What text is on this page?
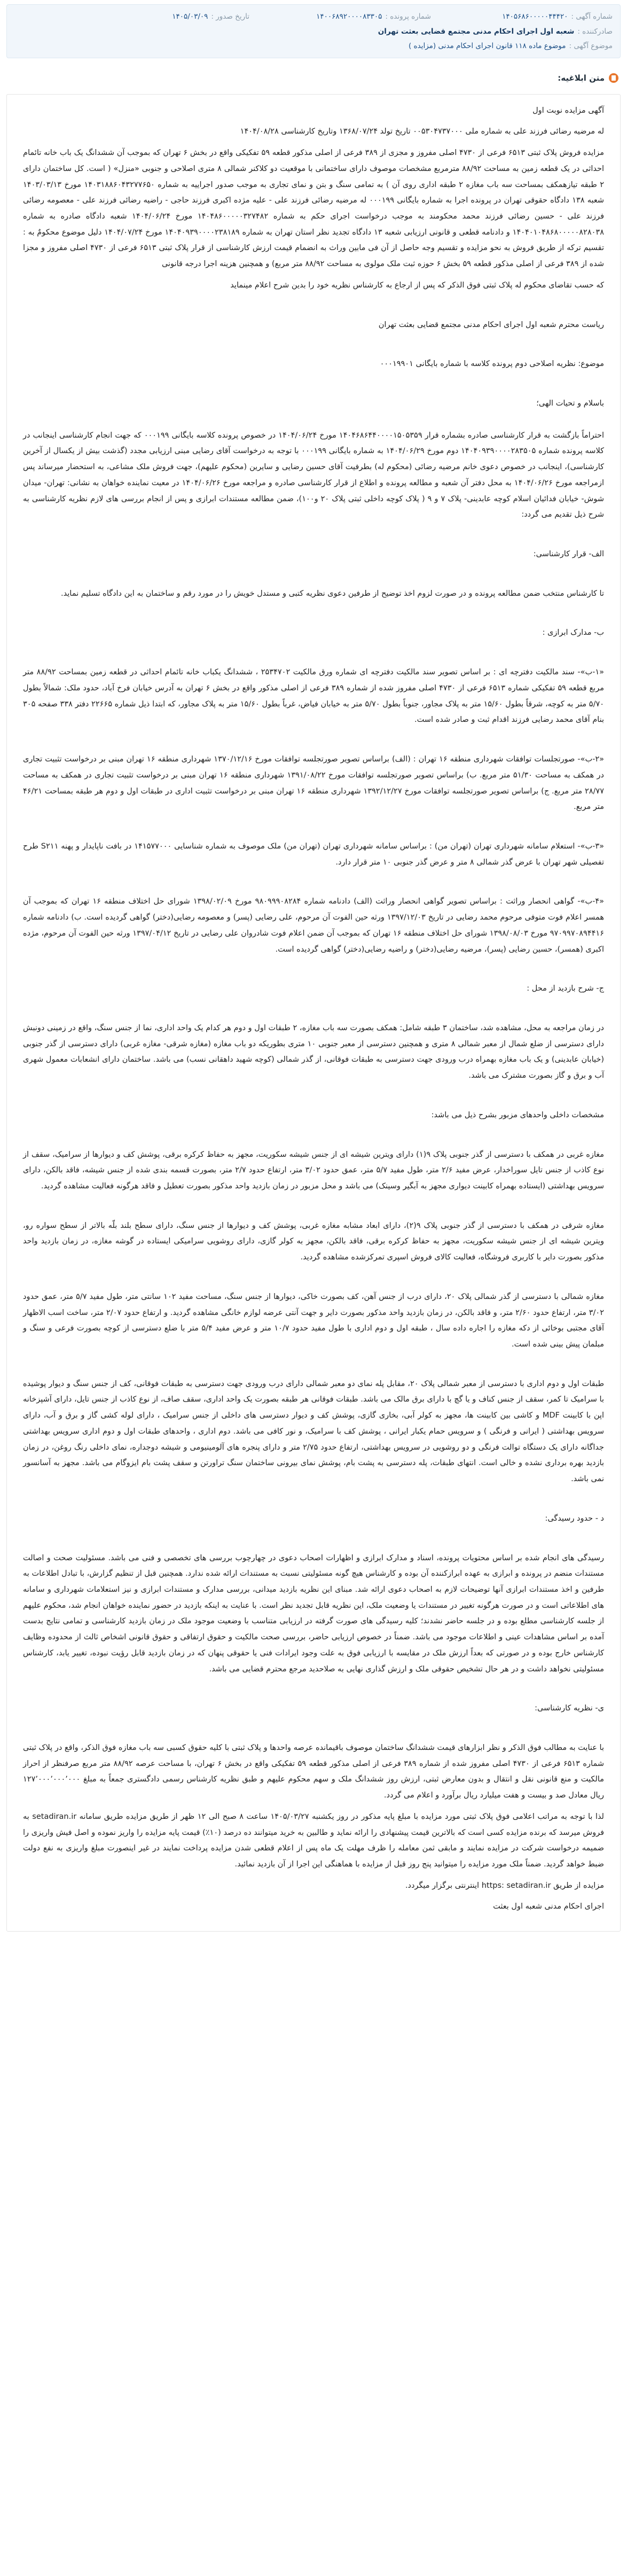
شماره آگهی :
۱۴۰۵۶۸۶۰۰۰۰۰۴۴۴۲۰
شماره پرونده :
۱۴۰۰۶۸۹۲۰۰۰۰۸۳۳۰۵
تاریخ صدور :
۱۴۰۵/۰۳/۰۹
صادرکننده :
شعبه اول اجرای احکام مدنی مجتمع قضایی بعثت تهران
موضوع آگهی :
موضوع ماده ۱۱۸ قانون اجرای احکام مدنی (مزایده )
متن ابلاغیه:

آگهی مزایده نوبت اول

له مرضیه رضائی فرزند علی به شماره ملی ۰۰۵۳۰۴۷۳۷۰۰۰ تاریخ تولد ۱۳۶۸/۰۷/۲۴ وتاریخ کارشناسی ۱۴۰۴/۰۸/۲۸

مزایده فروش پلاک ثبتی ۶۵۱۳ فرعی از ۴۷۳۰ اصلی مفروز و مجزی از ۳۸۹ فرعی از اصلی مذکور قطعه ۵۹ تفکیکی واقع در بخش ۶ تهران که بموجب آن ششدانگ یک باب خانه تائمام احداثی در یک قطعه زمین به مساحت ۸۸/۹۲ مترمربع مشخصات موصوف دارای ساختمانی با موقعیت دو کلاکنر شمالی ۸ متری اصلاحی و جنوبی «منزل» ( است. کل ساختمان دارای ۲ طبقه تیازهمکف بمساحت سه باب مغازه ۲ طبقه اداری روی آن ) به تمامی سنگ و بتن و نمای تجاری به موجب صدور اجراییه به شماره ۱۴۰۳۱۸۸۶۰۴۳۲۷۷۶۵۰ مورخ ۱۴۰۳/۰۳/۱۳ شعبه ۱۳۸ دادگاه حقوقی تهران در پرونده اجرا به شماره بایگانی ۰۰۰۱۹۹ له مرضیه رضائی فرزند علی - علیه مژده اکبری فرزند حاجی - راضیه رضائی فرزند علی - معصومه رضائی فرزند علی - حسین رضائی فرزند محمد محکومند به موجب درخواست اجرای حکم به شماره ۱۴۰۴۸۶۰۰۰۰۰۳۲۷۴۸۲ مورخ ۱۴۰۴/۰۶/۲۴ شعبه دادگاه صادره به شماره ۱۴۰۴۰۱۰۴۸۶۸۰۰۰۰۰۸۲۸۰۳۸ و دادنامه قطعی و قانونی ارزیابی شعبه ۱۳ دادگاه تجدید نظر استان تهران به شماره ۱۴۰۴۰۹۳۹۰۰۰۰۲۳۸۱۸۹ مورخ ۱۴۰۴/۰۷/۲۴ دلیل موضوع محکومٌ به : تقسیم ترکه از طریق فروش به نحو مزایده و تقسیم وجه حاصل از آن فی مابین وراث به انضمام قیمت ارزش کارشناسی از قرار پلاک ثبتی ۶۵۱۳ فرعی از ۴۷۳۰ اصلی مفروز و مجزا شده از ۳۸۹ فرعی از اصلی مذکور قطعه ۵۹ بخش ۶ حوزه ثبت ملک مولوی به مساحت ۸۸/۹۲ متر مربع) و همچنین هزینه اجرا درجه قانونی

که حسب تقاضای محکوم له پلاک ثبتی فوق الذکر که پس از ارجاع به کارشناس نظریه خود را بدین شرح اعلام مینماید

ریاست محترم شعبه اول اجرای احکام مدنی مجتمع قضایی بعثت تهران

موضوع: نظریه اصلاحی دوم پرونده کلاسه با شماره بایگانی ۰۰۰۱۹۹۰۱

باسلام و تحیات الهی؛

احتراماً بازگشت به قرار کارشناسی صادره بشماره قرار ۱۴۰۴۶۸۶۴۴۰۰۰۰۱۵۰۵۳۵۹ مورخ ۱۴۰۴/۰۶/۲۴ در خصوص پرونده کلاسه بایگانی ۰۰۰۱۹۹ که جهت انجام کارشناسی اینجانب در کلاسه پرونده شماره ۱۴۰۴۰۹۳۹۰۰۰۰۲۸۳۵۰۵ دوم مورخ ۱۴۰۴/۰۶/۲۹ به شماره بایگانی ۰۰۰۱۹۹ با توجه به درخواست آقای رضایی مبنی ارزیابی مجدد (گذشت بیش از یکسال از آخرین کارشناسی)، اینجانب در خصوص دعوی خانم مرضیه رضائی (محکوم له) بطرفیت آقای حسین رضایی و سایرین (محکوم علیهم)، جهت فروش ملک مشاعی، به استحضار میرساند پس ازمراجعه مورخ ۱۴۰۴/۰۶/۲۶ به محل دفتر آن شعبه و مطالعه پرونده و اطلاع از قرار کارشناسی صادره و مراجعه مورخ ۱۴۰۴/۰۶/۲۶ در معیت نماینده خواهان به نشانی: تهران- میدان شوش- خیابان فدائیان اسلام کوچه عابدینی- پلاک ۷ و ۹ ( پلاک کوچه داخلی ثبتی پلاک ۲۰ و۱۰۰)، ضمن مطالعه مستندات ابرازی و پس از انجام بررسی های لازم نظریه کارشناسی به شرح ذیل تقدیم می گردد:

الف- قرار کارشناسی:

تا کارشناس منتخب ضمن مطالعه پرونده و در صورت لزوم اخذ توضیح از طرفین دعوی نظریه کتبی و مستدل خویش را در مورد رقم و ساختمان به این دادگاه تسلیم نماید.

ب- مدارک ابرازی :

«۱-ب»- سند مالکیت دفترچه ای : بر اساس تصویر سند مالکیت دفترچه ای شماره ورق مالکیت ۲۵۳۴۷۰۲ ، ششدانگ یکباب خانه تائمام احداثی در قطعه زمین بمساحت ۸۸/۹۲ متر مربع قطعه ۵۹ تفکیکی شماره ۶۵۱۳ فرعی از ۴۷۳۰ اصلی مفروز شده از شماره ۳۸۹ فرعی از اصلی مذکور واقع در بخش ۶ تهران به آدرس خیابان فرخ آباد، حدود ملک: شمالاً بطول ۵/۷۰ متر به کوچه، شرقاً بطول ۱۵/۶۰ متر به پلاک مجاور، جنوباً بطول ۵/۷۰ متر به خیابان فیاض، غرباً بطول ۱۵/۶۰ متر به پلاک مجاور، که ابتدا ذیل شماره ۲۲۶۶۵ دفتر ۳۳۸ صفحه ۳۰۵ بنام آقای محمد رضایی فرزند اقدام ثبت و صادر شده است.

«۲-ب»- صورتجلسات توافقات شهرداری منطقه ۱۶ تهران : (الف) براساس تصویر صورتجلسه توافقات مورخ ۱۳۷۰/۱۲/۱۶ شهرداری منطقه ۱۶ تهران مبنی بر درخواست تثبیت تجاری در همکف به مساحت ۵۱/۳۰ متر مربع. ب) براساس تصویر صورتجلسه توافقات مورخ ۱۳۹۱/۰۸/۲۲ شهرداری منطقه ۱۶ تهران مبنی بر درخواست تثبیت تجاری در همکف به مساحت ۲۸/۷۷ متر مربع. ج) براساس تصویر صورتجلسه توافقات مورخ ۱۳۹۲/۱۲/۲۷ شهرداری منطقه ۱۶ تهران مبنی بر درخواست تثبیت اداری در طبقات اول و دوم هر طبقه بمساحت ۴۶/۲۱ متر مربع.

«۳-ب»- استعلام سامانه شهرداری تهران (تهران من) : براساس سامانه شهرداری تهران (تهران من) ملک موصوف به شماره شناسایی ۱۴۱۵۷۷۰۰۰ در بافت ناپایدار و پهنه S۲۱۱ طرح تفصیلی شهر تهران با عرض گذر شمالی ۸ متر و عرض گذر جنوبی ۱۰ متر قرار دارد.

«۴-ب»- گواهی انحصار وراثت : براساس تصویر گواهی انحصار وراثت (الف) دادنامه شماره ۹۸۰۹۹۹۰۸۲۸۴ مورخ ۱۳۹۸/۰۲/۰۹ شورای حل اختلاف منطقه ۱۶ تهران که بموجب آن همسر اعلام فوت متوفی مرحوم محمد رضایی در تاریخ ۱۳۹۷/۱۲/۰۳ ورثه حین الفوت آن مرحوم، علی رضایی (پسر) و معصومه رضایی(دختر) گواهی گردیده است. ب) دادنامه شماره ۹۷۰۹۹۷۰۸۹۴۴۱۶ مورخ ۱۳۹۸/۰۸/۰۳ شورای حل اختلاف منطقه ۱۶ تهران که بموجب آن ضمن اعلام فوت شادروان علی رضایی در تاریخ ۱۳۹۷/۰۴/۱۲ ورثه حین الفوت آن مرحوم، مژده اکبری (همسر)، حسین رضایی (پسر)، مرضیه رضایی(دختر) و راضیه رضایی(دختر) گواهی گردیده است.

ج- شرح بازدید از محل :

در زمان مراجعه به محل، مشاهده شد، ساختمان ۳ طبقه شامل: همکف بصورت سه باب مغازه، ۲ طبقات اول و دوم هر کدام یک واحد اداری، نما از جنس سنگ، واقع در زمینی دونبش دارای دسترسی از ضلع شمال از معبر شمالی ۸ متری و همچنین دسترسی از معبر جنوبی ۱۰ متری بطوریکه دو باب مغازه (مغازه شرقی- مغازه غربی) دارای دسترسی از گذر جنوبی (خیابان عابدینی) و یک باب مغازه بهمراه درب ورودی جهت دسترسی به طبقات فوقانی، از گذر شمالی (کوچه شهید داهقانی نسب) می باشد. ساختمان دارای انشعابات معمول شهری آب و برق و گاز بصورت مشترک می باشد.

مشخصات داخلی واحدهای مزبور بشرح ذیل می باشد:

مغازه غربی در همکف با دسترسی از گذر جنوبی پلاک ۹(۱) دارای ویترین شیشه ای از جنس شیشه سکوریت، مجهز به حفاظ کرکره برقی، پوشش کف و دیوارها از سرامیک، سقف از نوع کاذب از جنس تایل سوراخدار، عرض مفید ۲/۶ متر، طول مفید ۵/۷ متر، عمق حدود ۳/۰۲ متر، ارتفاع حدود ۲/۷ متر، بصورت قسمه بندی شده از جنس شیشه، فاقد بالکن، دارای سرویس بهداشتی (ایستاده بهمراه کابینت دیواری مجهز به آبگیر وسینک) می باشد و محل مزبور در زمان بازدید واحد مذکور بصورت تعطیل و فاقد هرگونه فعالیت مشاهده گردید.

مغازه شرقی در همکف با دسترسی از گذر جنوبی پلاک ۹(۲)، دارای ابعاد مشابه مغازه غربی، پوشش کف و دیوارها از جنس سنگ، دارای سطح بلند بلّه بالاتر از سطح سواره رو، ویترین شیشه ای از جنس شیشه سکوریت، مجهز به حفاظ کرکره برقی، فاقد بالکن، مجهز به کولر گازی، دارای روشویی سرامیکی ایستاده در گوشه مغازه، در زمان بازدید واحد مذکور بصورت دایر با کاربری فروشگاه، فعالیت کالای فروش اسپری تمرکزشده مشاهده گردید.

مغازه شمالی با دسترسی از گذر شمالی پلاک ۲۰، دارای درب از جنس آهن، کف بصورت خاکی، دیوارها از جنس سنگ، مساحت مفید ۱۰۲ سانتی متر، طول مفید ۵/۷ متر، عمق حدود ۳/۰۲ متر، ارتفاع حدود ۲/۶۰ متر، و فاقد بالکن، در زمان بازدید واحد مذکور بصورت دایر و جهت آنتی عرضه لوازم خانگی مشاهده گردید. و ارتفاع حدود ۲/۰۷ متر، ساخت اسب الاظهار آقای مجتبی بوخائی از دکه مغازه را اجاره داده سال ، طبقه اول و دوم اداری با طول مفید حدود ۱۰/۷ متر و عرض مفید ۵/۴ متر با ضلع دسترسی از کوچه بصورت فرعی و سنگ و مبلمان پیش بینی شده است.

طبقات اول و دوم اداری با دسترسی از معبر شمالی پلاک ۲۰، مقابل پله نمای دو معبر شمالی دارای درب ورودی جهت دسترسی به طبقات فوقانی، کف از جنس سنگ و دیوار پوشیده با سرامیک تا کمر، سقف از جنس کناف و یا گچ با دارای برق مالک می باشد. طبقات فوقانی هر طبقه بصورت یک واحد اداری، سقف صاف، از نوع کاذب از جنس تایل، دارای آشپزخانه اپن با کابینت MDF و کاشی بین کابینت ها، مجهز به کولر آبی، بخاری گازی، پوشش کف و دیوار دسترسی های داخلی از جنس سرامیک ، دارای لوله کشی گاز و برق و آب، دارای سرویس بهداشتی ( ایرانی و فرنگی ) و سرویس حمام یکبار ایرانی ، پوشش کف با سرامیک، و نور کافی می باشد. دوم اداری ، واحدهای طبقات اول و دوم اداری سرویس بهداشتی جداگانه دارای یک دستگاه توالت فرنگی و دو روشویی در سرویس بهداشتی، ارتفاع حدود ۲/۷۵ متر و دارای پنجره های آلومینیومی و شیشه دوجداره، نمای داخلی رنگ روغن، در زمان بازدید بهره برداری نشده و خالی است. انتهای طبقات، پله دسترسی به پشت بام، پوشش نمای بیرونی ساختمان سنگ تراورتن و سقف پشت بام ایزوگام می باشد. مجهز به آسانسور نمی باشد.

د - حدود رسیدگی:

رسیدگی های انجام شده بر اساس محتویات پرونده، اسناد و مدارک ابرازی و اظهارات اصحاب دعوی در چهارچوب بررسی های تخصصی و فنی می باشد. مسئولیت صحت و اصالت مستندات منضم در پرونده و ابرازی به عهده ابرازکننده آن بوده و کارشناس هیچ گونه مسئولیتی نسبت به مستندات ارائه شده ندارد. همچنین قبل از تنظیم گزارش، با تبادل اطلاعات به طرفین و اخذ مستندات ابرازی آنها توضیحات لازم به اصحاب دعوی ارائه شد. مبنای این نظریه بازدید میدانی، بررسی مدارک و مستندات ابرازی و نیز استعلامات شهرداری و سامانه های اطلاعاتی است و در صورت هرگونه تغییر در مستندات یا وضعیت ملک، این نظریه قابل تجدید نظر است. با عنایت به اینکه بازدید در حضور نماینده خواهان انجام شد، محکوم علیهم از جلسه کارشناسی مطلع بوده و در جلسه حاضر نشدند؛ کلیه رسیدگی های صورت گرفته در ارزیابی متناسب با وضعیت موجود ملک در زمان بازدید کارشناسی و تمامی نتایج بدست آمده بر اساس مشاهدات عینی و اطلاعات موجود می باشد. ضمناً در خصوص ارزیابی حاضر، بررسی صحت مالکیت و حقوق ارتفاقی و حقوق قانونی اشخاص ثالث از محدوده وظایف کارشناس خارج بوده و در صورتی که بعداً ارزش ملک در مقایسه با ارزیابی فوق به علت وجود ایرادات فنی یا حقوقی پنهان که در زمان بازدید قابل رؤیت نبوده، تغییر یابد، کارشناس مسئولیتی نخواهد داشت و در هر حال تشخیص حقوقی ملک و ارزش گذاری نهایی به صلاحدید مرجع محترم قضایی می باشد.

ی- نظریه کارشناسی:

با عنایت به مطالب فوق الذکر و نظر ابزارهای قیمت ششدانگ ساختمان موصوف باقیمانده عرصه واحدها و پلاک ثبتی با کلیه حقوق کسبی سه باب مغازه فوق الذکر، واقع در پلاک ثبتی شماره ۶۵۱۳ فرعی از ۴۷۳۰ اصلی مفروز شده از شماره ۳۸۹ فرعی از اصلی مذکور قطعه ۵۹ تفکیکی واقع در بخش ۶ تهران، با مساحت عرصه ۸۸/۹۲ متر مربع صرفنظر از احراز مالکیت و منع قانونی نقل و انتقال و بدون معارض ثبتی، ارزش روز ششدانگ ملک و سهم محکوم علیهم و طبق نظریه کارشناس رسمی دادگستری جمعاً به مبلغ ۱۲۷٬۰۰۰٬۰۰۰٬۰۰۰ ریال معادل صد و بیست و هفت میلیارد ریال برآورد و اعلام می گردد.

لذا با توجه به مراتب اعلامی فوق پلاک ثبتی مورد مزایده با مبلغ پایه مذکور در روز یکشنبه ۱۴۰۵/۰۳/۲۷ ساعت ۸ صبح الی ۱۲ ظهر از طریق مزایده طریق سامانه setadiran.ir به فروش میرسد که برنده مزایده کسی است که بالاترین قیمت پیشنهادی را ارائه نماید و طالبین به خرید میتوانند ده درصد (۱۰٪) قیمت پایه مزایده را واریز نموده و اصل فیش واریزی را ضمیمه درخواست شرکت در مزایده نمایند و مابقی ثمن معامله را ظرف مهلت یک ماه پس از اعلام قطعی شدن مزایده پرداخت نمایند در غیر اینصورت مبلغ واریزی به نفع دولت ضبط خواهد گردید. ضمناً ملک مورد مزایده را میتوانید پنج روز قبل از مزایده با هماهنگی این اجرا از آن بازدید نمائید.

مزایده از طریق https: setadiran.ir اینترنتی برگزار میگردد.

اجرای احکام مدنی شعبه اول بعثت
